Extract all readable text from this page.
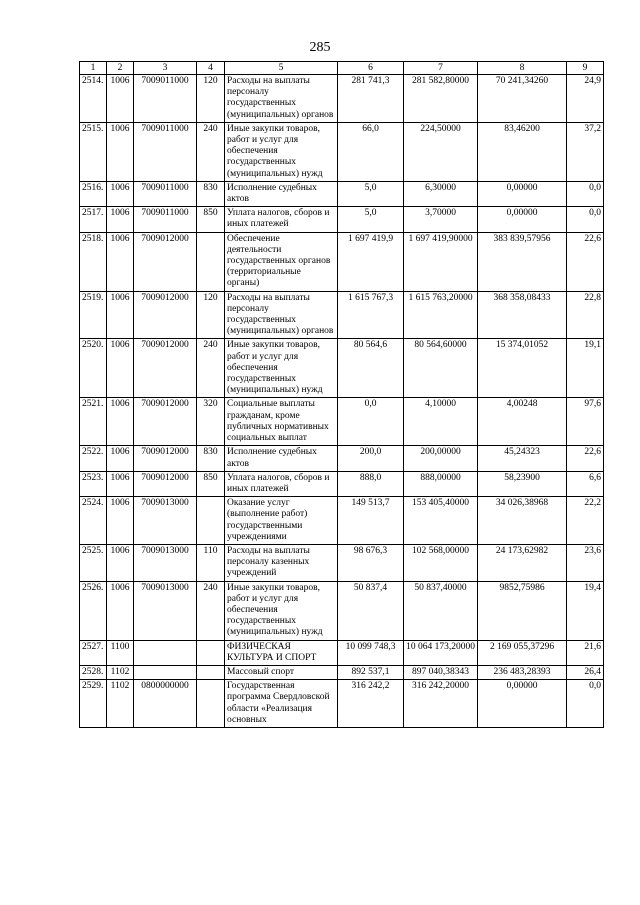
285
1	2	3	4	5	6	7	8	9
2514.	1006	7009011000	120	Расходы на выплаты персоналу государственных (муниципальных) органов	281 741,3	281 582,80000	70 241,34260	24,9
2515.	1006	7009011000	240	Иные закупки товаров, работ и услуг для обеспечения государственных (муниципальных) нужд	66,0	224,50000	83,46200	37,2
2516.	1006	7009011000	830	Исполнение судебных актов	5,0	6,30000	0,00000	0,0
2517.	1006	7009011000	850	Уплата налогов, сборов и иных платежей	5,0	3,70000	0,00000	0,0
2518.	1006	7009012000		Обеспечение деятельности государственных органов (территориальные органы)	1 697 419,9	1 697 419,90000	383 839,57956	22,6
2519.	1006	7009012000	120	Расходы на выплаты персоналу государственных (муниципальных) органов	1 615 767,3	1 615 763,20000	368 358,08433	22,8
2520.	1006	7009012000	240	Иные закупки товаров, работ и услуг для обеспечения государственных (муниципальных) нужд	80 564,6	80 564,60000	15 374,01052	19,1
2521.	1006	7009012000	320	Социальные выплаты гражданам, кроме публичных нормативных социальных выплат	0,0	4,10000	4,00248	97,6
2522.	1006	7009012000	830	Исполнение судебных актов	200,0	200,00000	45,24323	22,6
2523.	1006	7009012000	850	Уплата налогов, сборов и иных платежей	888,0	888,00000	58,23900	6,6
2524.	1006	7009013000		Оказание услуг (выполнение работ) государственными учреждениями	149 513,7	153 405,40000	34 026,38968	22,2
2525.	1006	7009013000	110	Расходы на выплаты персоналу казенных учреждений	98 676,3	102 568,00000	24 173,62982	23,6
2526.	1006	7009013000	240	Иные закупки товаров, работ и услуг для обеспечения государственных (муниципальных) нужд	50 837,4	50 837,40000	9852,75986	19,4
2527.	1100			ФИЗИЧЕСКАЯ КУЛЬТУРА И СПОРТ	10 099 748,3	10 064 173,20000	2 169 055,37296	21,6
2528.	1102			Массовый спорт	892 537,1	897 040,38343	236 483,28393	26,4
2529.	1102	0800000000		Государственная программа Свердловской области «Реализация основных	316 242,2	316 242,20000	0,00000	0,0
